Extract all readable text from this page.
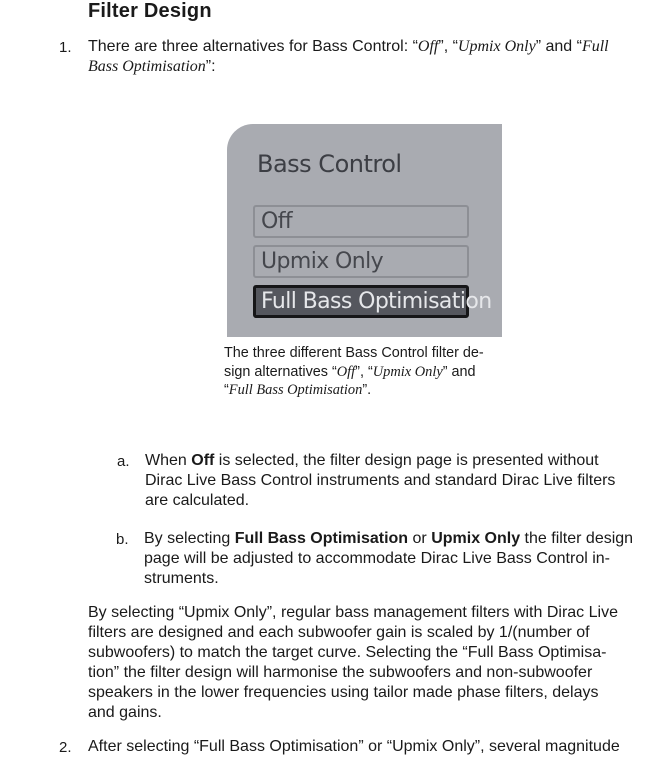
Filter Design
1. There are three alternatives for Bass Control: “Off”, “Upmix Only” and “Full
Bass Optimisation”:
Bass Control
Off
Upmix Only
Full Bass Optimisation
The three different Bass Control filter de-
sign alternatives “Off”, “Upmix Only” and
“Full Bass Optimisation”.
a. When Off is selected, the filter design page is presented without
Dirac Live Bass Control instruments and standard Dirac Live filters
are calculated.
b. By selecting Full Bass Optimisation or Upmix Only the filter design
page will be adjusted to accommodate Dirac Live Bass Control in-
struments.
By selecting “Upmix Only”, regular bass management filters with Dirac Live
filters are designed and each subwoofer gain is scaled by 1/(number of
subwoofers) to match the target curve. Selecting the “Full Bass Optimisa-
tion” the filter design will harmonise the subwoofers and non-subwoofer
speakers in the lower frequencies using tailor made phase filters, delays
and gains.
2. After selecting “Full Bass Optimisation” or “Upmix Only”, several magnitude
